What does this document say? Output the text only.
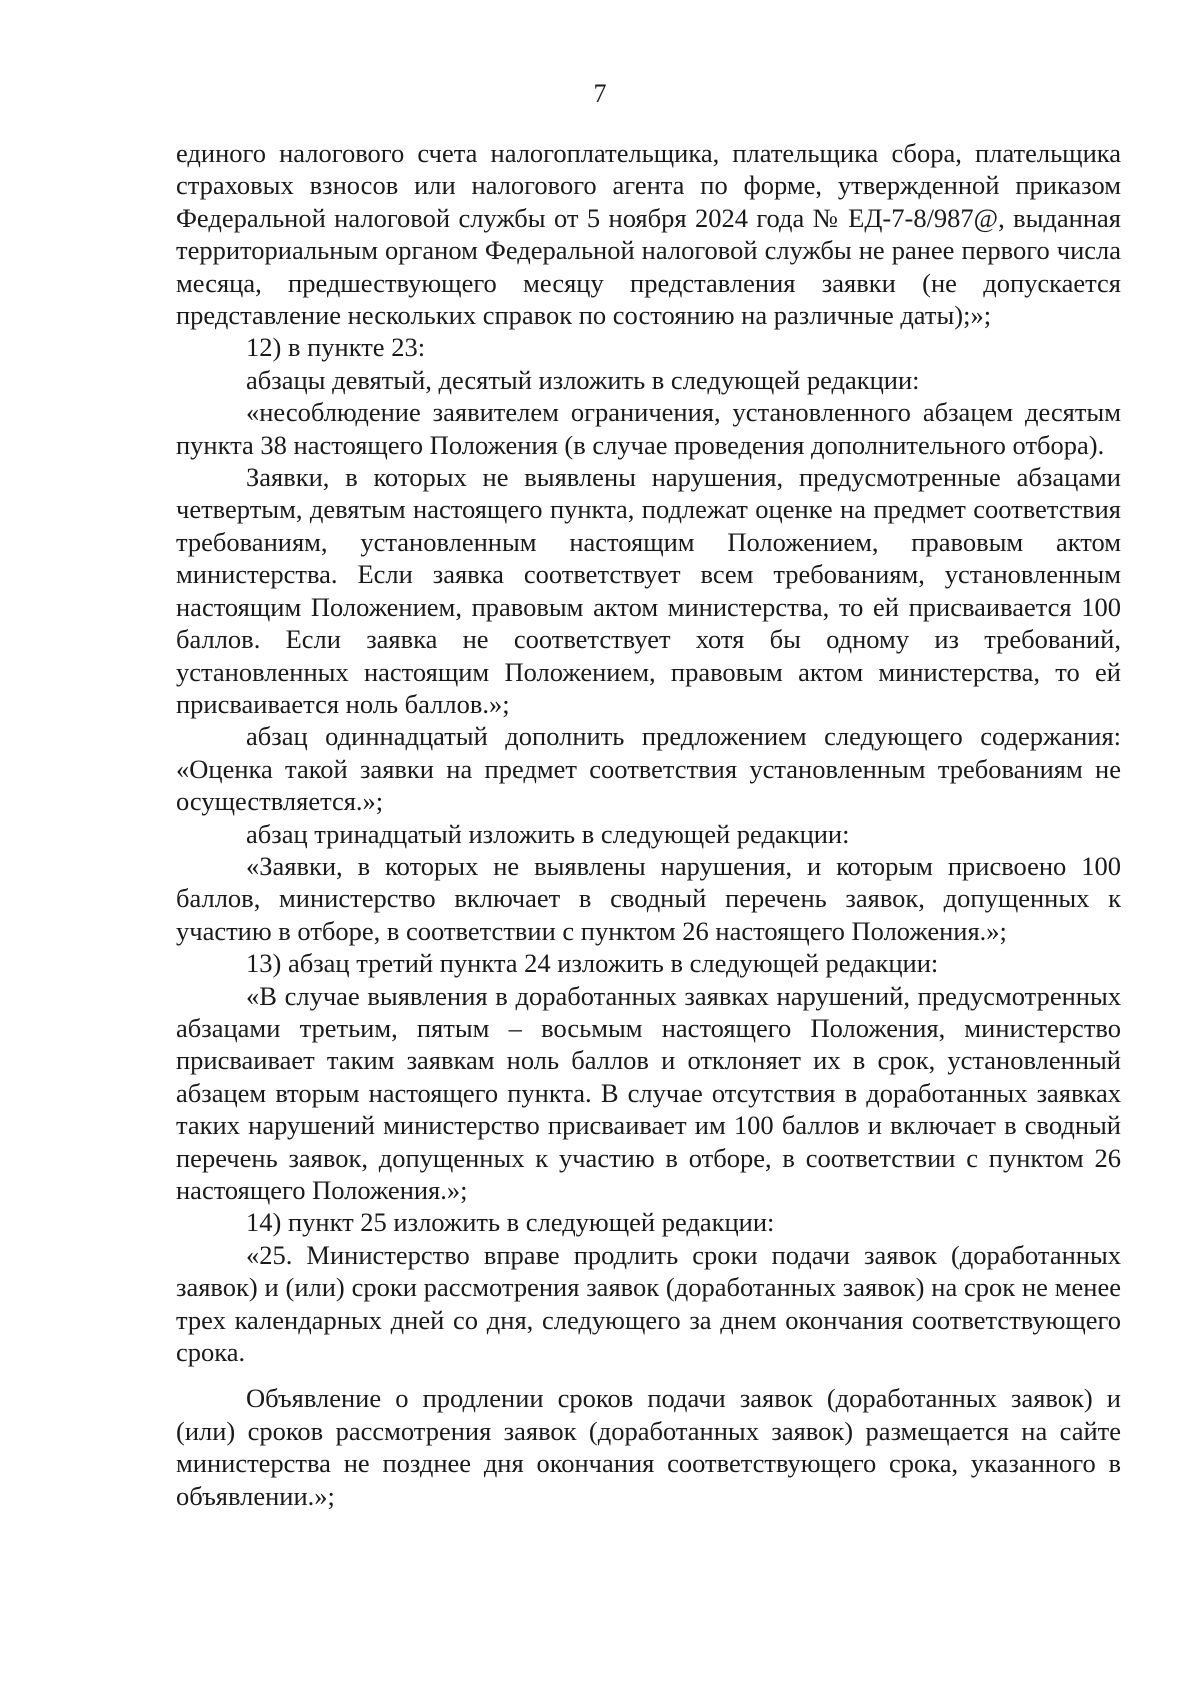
7

единого налогового счета налогоплательщика, плательщика сбора, плательщика страховых взносов или налогового агента по форме, утвержденной приказом Федеральной налоговой службы от 5 ноября 2024 года № ЕД-7-8/987@, выданная территориальным органом Федеральной налоговой службы не ранее первого числа месяца, предшествующего месяцу представления заявки (не допускается представление нескольких справок по состоянию на различные даты);»;

12) в пункте 23:

абзацы девятый, десятый изложить в следующей редакции:

«несоблюдение заявителем ограничения, установленного абзацем десятым пункта 38 настоящего Положения (в случае проведения дополнительного отбора).

Заявки, в которых не выявлены нарушения, предусмотренные абзацами четвертым, девятым настоящего пункта, подлежат оценке на предмет соответствия требованиям, установленным настоящим Положением, правовым актом министерства. Если заявка соответствует всем требованиям, установленным настоящим Положением, правовым актом министерства, то ей присваивается 100 баллов. Если заявка не соответствует хотя бы одному из требований, установленных настоящим Положением, правовым актом министерства, то ей присваивается ноль баллов.»;

абзац одиннадцатый дополнить предложением следующего содержания: «Оценка такой заявки на предмет соответствия установленным требованиям не осуществляется.»;

абзац тринадцатый изложить в следующей редакции:

«Заявки, в которых не выявлены нарушения, и которым присвоено 100 баллов, министерство включает в сводный перечень заявок, допущенных к участию в отборе, в соответствии с пунктом 26 настоящего Положения.»;

13) абзац третий пункта 24 изложить в следующей редакции:

«В случае выявления в доработанных заявках нарушений, предусмотренных абзацами третьим, пятым – восьмым настоящего Положения, министерство присваивает таким заявкам ноль баллов и отклоняет их в срок, установленный абзацем вторым настоящего пункта. В случае отсутствия в доработанных заявках таких нарушений министерство присваивает им 100 баллов и включает в сводный перечень заявок, допущенных к участию в отборе, в соответствии с пунктом 26 настоящего Положения.»;

14) пункт 25 изложить в следующей редакции:

«25. Министерство вправе продлить сроки подачи заявок (доработанных заявок) и (или) сроки рассмотрения заявок (доработанных заявок) на срок не менее трех календарных дней со дня, следующего за днем окончания соответствующего срока.

Объявление о продлении сроков подачи заявок (доработанных заявок) и (или) сроков рассмотрения заявок (доработанных заявок) размещается на сайте министерства не позднее дня окончания соответствующего срока, указанного в объявлении.»;
